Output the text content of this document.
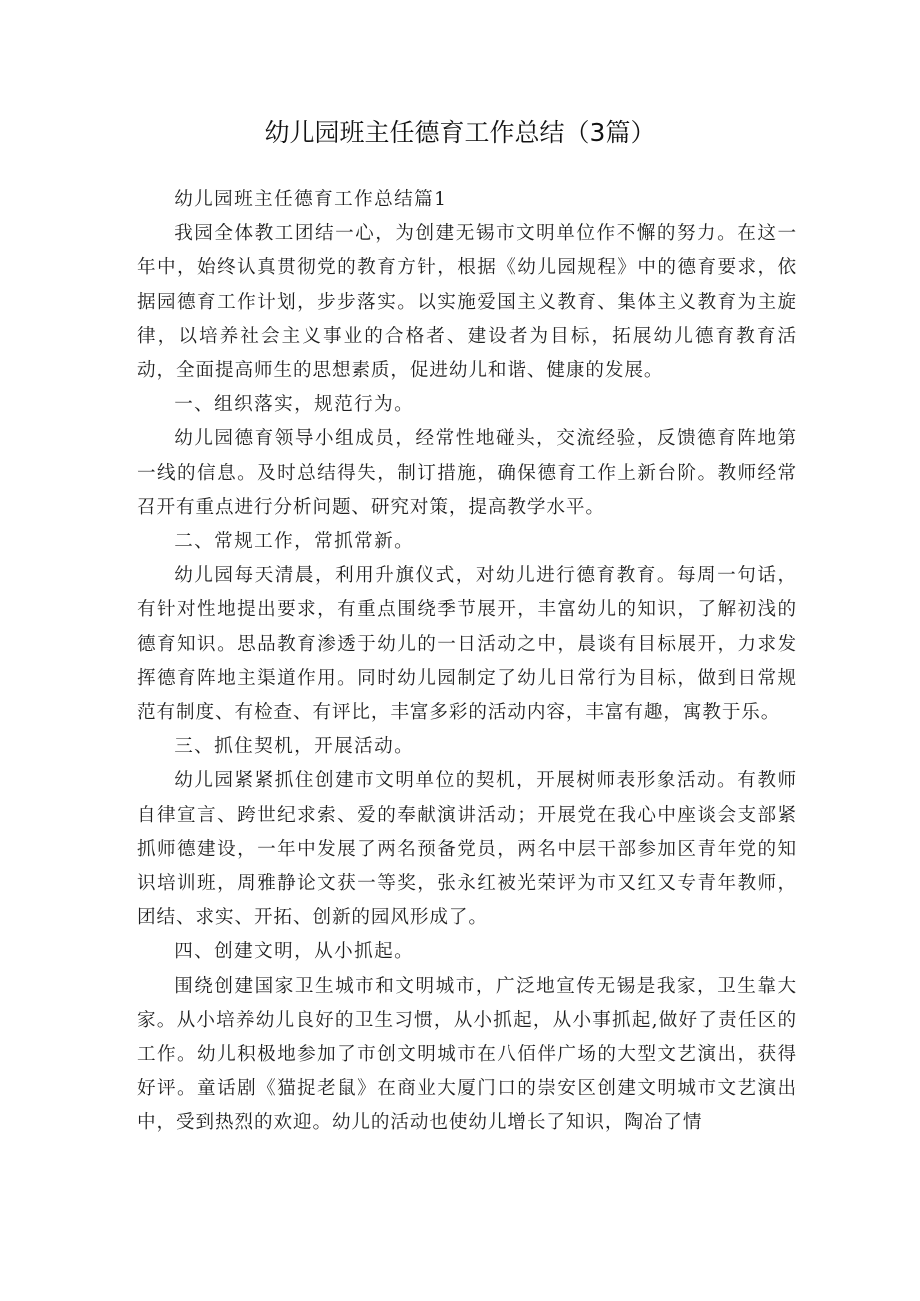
幼儿园班主任德育工作总结（3篇）

幼儿园班主任德育工作总结篇1

我园全体教工团结一心，为创建无锡市文明单位作不懈的努力。在这一年中，始终认真贯彻党的教育方针，根据《幼儿园规程》中的德育要求，依据园德育工作计划，步步落实。以实施爱国主义教育、集体主义教育为主旋律，以培养社会主义事业的合格者、建设者为目标，拓展幼儿德育教育活动，全面提高师生的思想素质，促进幼儿和谐、健康的发展。

一、组织落实，规范行为。

幼儿园德育领导小组成员，经常性地碰头，交流经验，反馈德育阵地第一线的信息。及时总结得失，制订措施，确保德育工作上新台阶。教师经常召开有重点进行分析问题、研究对策，提高教学水平。

二、常规工作，常抓常新。

幼儿园每天清晨，利用升旗仪式，对幼儿进行德育教育。每周一句话，有针对性地提出要求，有重点围绕季节展开，丰富幼儿的知识，了解初浅的德育知识。思品教育渗透于幼儿的一日活动之中，晨谈有目标展开，力求发挥德育阵地主渠道作用。同时幼儿园制定了幼儿日常行为目标，做到日常规范有制度、有检查、有评比，丰富多彩的活动内容，丰富有趣，寓教于乐。

三、抓住契机，开展活动。

幼儿园紧紧抓住创建市文明单位的契机，开展树师表形象活动。有教师自律宣言、跨世纪求索、爱的奉献演讲活动；开展党在我心中座谈会支部紧抓师德建设，一年中发展了两名预备党员，两名中层干部参加区青年党的知识培训班，周雅静论文获一等奖，张永红被光荣评为市又红又专青年教师，团结、求实、开拓、创新的园风形成了。

四、创建文明，从小抓起。

围绕创建国家卫生城市和文明城市，广泛地宣传无锡是我家，卫生靠大家。从小培养幼儿良好的卫生习惯，从小抓起，从小事抓起,做好了责任区的工作。幼儿积极地参加了市创文明城市在八佰伴广场的大型文艺演出，获得好评。童话剧《猫捉老鼠》在商业大厦门口的崇安区创建文明城市文艺演出中，受到热烈的欢迎。幼儿的活动也使幼儿增长了知识，陶冶了情
